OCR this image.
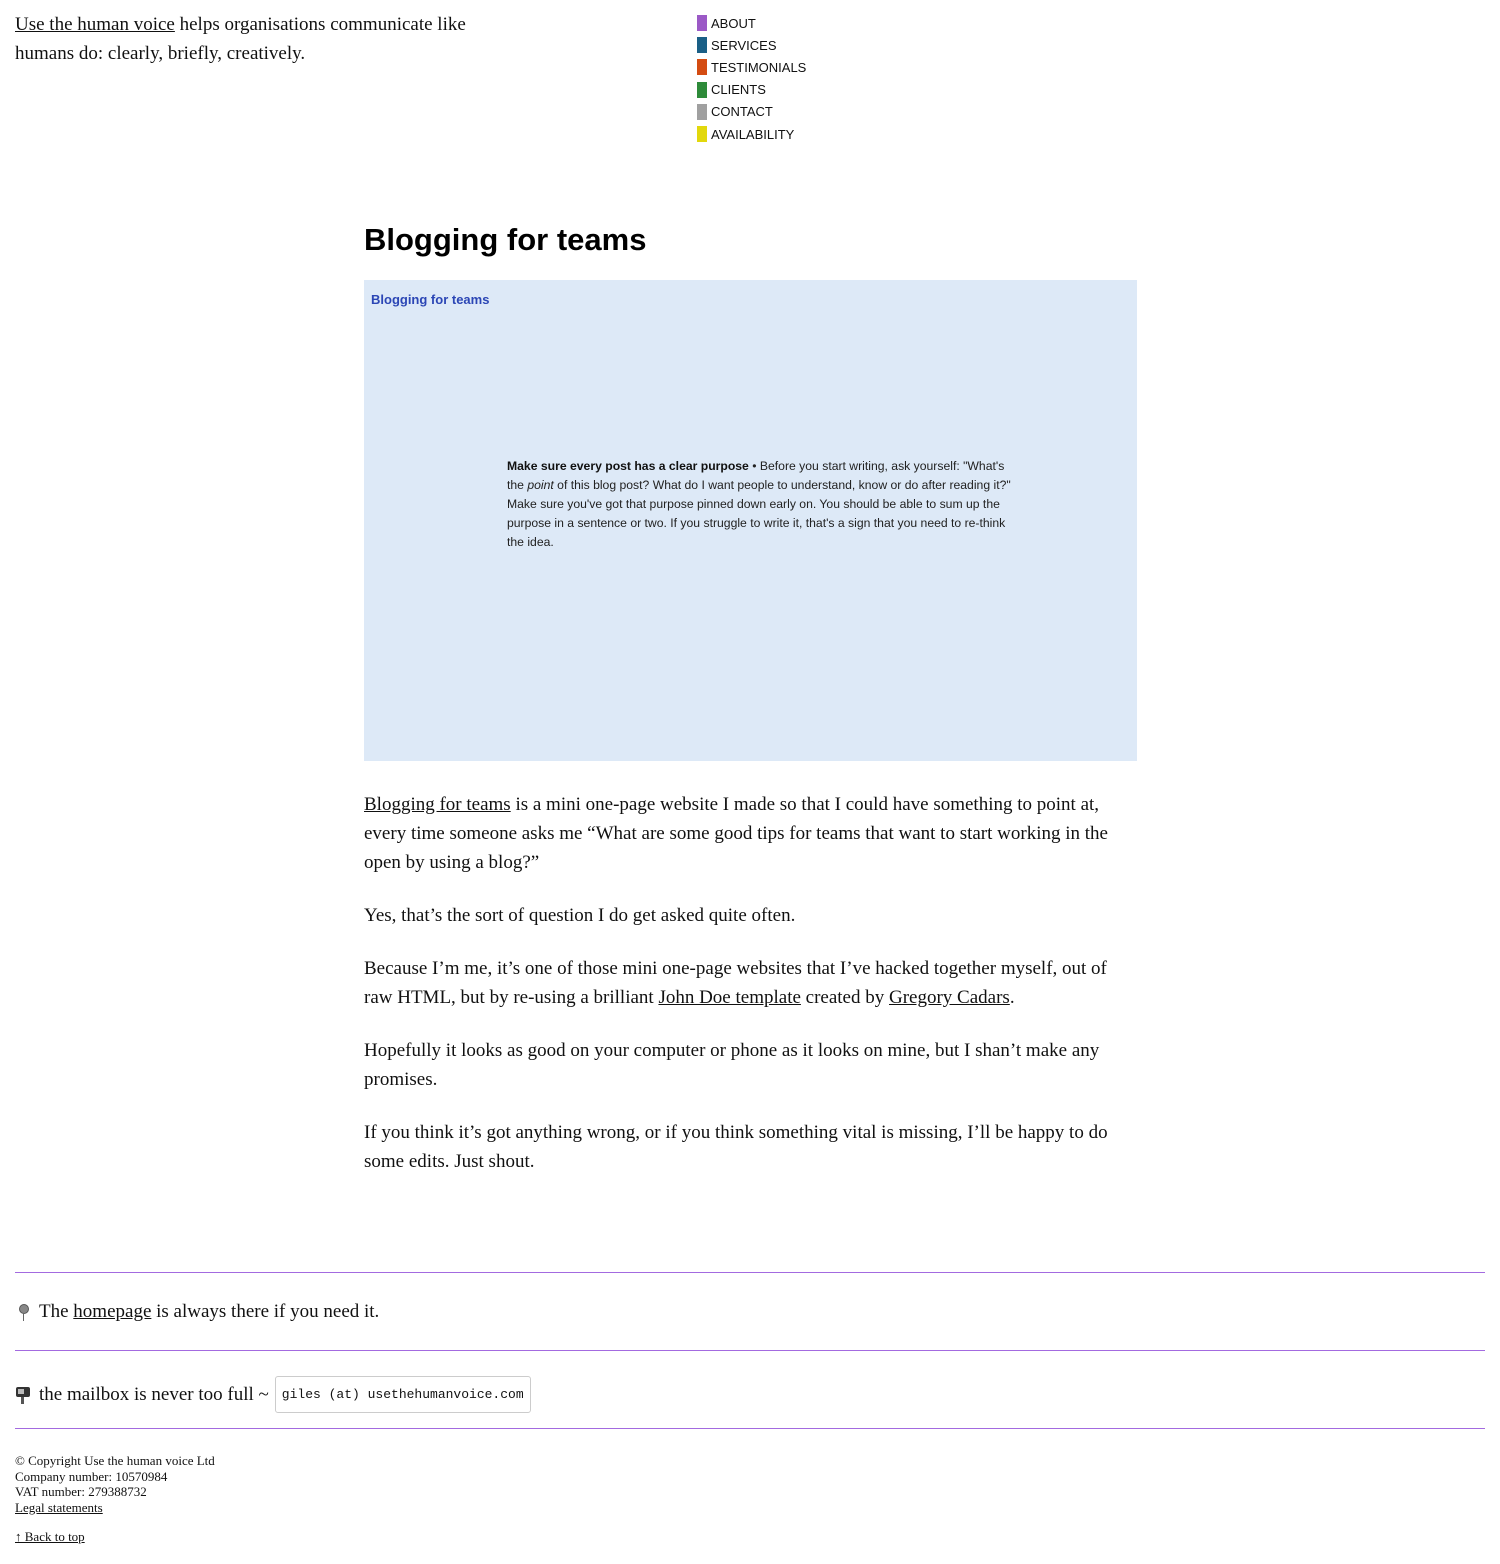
Use the human voice helps organisations communicate like humans do: clearly, briefly, creatively.
ABOUT
SERVICES
TESTIMONIALS
CLIENTS
CONTACT
AVAILABILITY
Blogging for teams
Blogging for teams
Make sure every post has a clear purpose • Before you start writing, ask yourself: "What's the point of this blog post? What do I want people to understand, know or do after reading it?" Make sure you've got that purpose pinned down early on. You should be able to sum up the purpose in a sentence or two. If you struggle to write it, that's a sign that you need to re-think the idea.

Blogging for teams is a mini one-page website I made so that I could have something to point at, every time someone asks me “What are some good tips for teams that want to start working in the open by using a blog?”

Yes, that’s the sort of question I do get asked quite often.

Because I’m me, it’s one of those mini one-page websites that I’ve hacked together myself, out of raw HTML, but by re-using a brilliant John Doe template created by Gregory Cadars.

Hopefully it looks as good on your computer or phone as it looks on mine, but I shan’t make any promises.

If you think it’s got anything wrong, or if you think something vital is missing, I’ll be happy to do some edits. Just shout.

The
homepage
is always there if you need it.
the mailbox is never too full ~	giles (at) usethehumanvoice.com
© Copyright Use the human voice Ltd
Company number: 10570984
VAT number: 279388732
Legal statements
↑ Back to top
